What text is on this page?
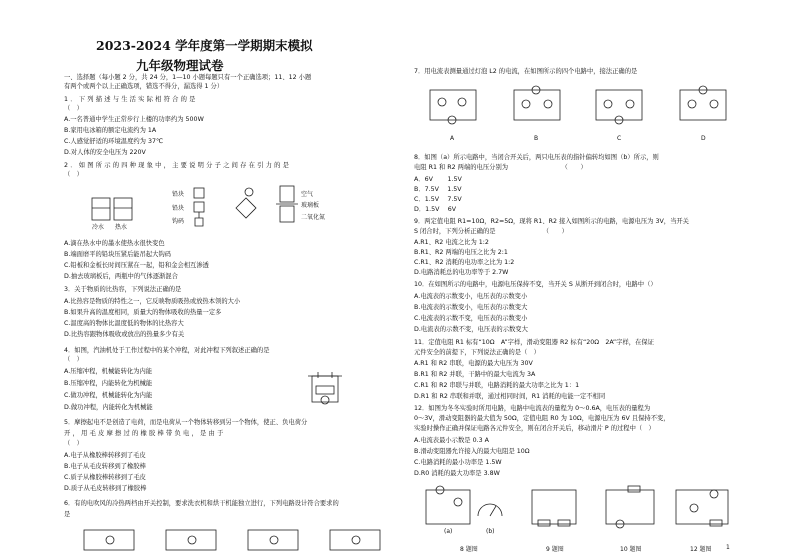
2023-2024 学年度第一学期期末模拟
九年级物理试卷
一、选择题（每小题 2 分，共 24 分，1—10 小题每题只有一个正确选项；11、12 小题
有两个或两个以上正确选项，错选不得分，漏选得 1 分）
1．下列描述与生活实际相符合的是
（　）
A.一名普通中学生正常步行上楼的功率约为 500W
B.家用电冰箱的额定电流约为 1A
C.人感觉舒适的环境温度约为 37℃
D.对人体的安全电压为 220V
2．如图所示的四种现象中，主要说明分子之间存在引力的是
（　）
冷水 热水
铅块
铅块
钩码
空气
玻璃板
二氧化氮
A.滴在热水中的墨水使热水很快变色
B.端面磨平的铅块压紧后能吊起大钩码
C.铅板和金板长时间压紧在一起，铅和金会相互渗透
D.抽去玻璃板后，两瓶中的气体逐渐混合
3．关于物质的比热容，下列说法正确的是
A.比热容是物质的特性之一，它反映物质吸热或放热本领的大小
B.如果升高的温度相同，质量大的物体吸收的热量一定多
C.温度高的物体比温度低的物体的比热容大
D.比热容跟物体吸收或放出的热量多少有关
4．如图，汽油机处于工作过程中的某个冲程，对此冲程下列叙述正确的是
（　）
A.压缩冲程，机械能转化为内能
B.压缩冲程，内能转化为机械能
C.做功冲程，机械能转化为内能
D.做功冲程，内能转化为机械能
5．摩擦起电不是创造了电荷，而是电荷从一个物体转移到另一个物体，使正、负电荷分
开，用毛皮摩擦过的橡胶棒带负电，是由于
（　）
A.电子从橡胶棒转移到了毛皮
B.电子从毛皮转移到了橡胶棒
C.质子从橡胶棒转移到了毛皮
D.质子从毛皮转移到了橡胶棒
6．有的电吹风的冷热两档由开关控制，要求洗衣机和烘干机能独立进行，下列电路设计符合要求的
是
7．用电流表测量通过灯泡 L2 的电流，在如图所示的四个电路中，接法正确的是
A	B	C	D
8．如图（a）所示电路中，当闭合开关后，两只电压表的指针偏转均如图（b）所示，则
电阻 R1 和 R2 两端的电压分别为　　　　　　　　　（　　）
A．6V　　 1.5V
B．7.5V　 1.5V
C．1.5V　 7.5V
D．1.5V　 6V
9．两定值电阻 R1=10Ω，R2=5Ω，现将 R1、R2 接入如图所示的电路，电源电压为 3V，当开关
S 闭合时，下列分析正确的是　　　　　　　　（　　）
A.R1、R2 电流之比为 1:2
B.R1、R2 两端的电压之比为 2:1
C.R1、R2 消耗的电功率之比为 1:2
D.电路消耗总的电功率等于 2.7W
10．在如图所示的电路中，电源电压保持不变，当开关 S 从断开到闭合时，电路中（）
A.电流表的示数变小，电压表的示数变小
B.电流表的示数变小，电压表的示数变大
C.电流表的示数不变，电压表的示数变小
D.电流表的示数不变，电压表的示数变大
11．定值电阻 R1 标有“10Ω　A”字样，滑动变阻器 R2 标有“20Ω　2A”字样，在保证
元件安全的前提下，下列说法正确的是（　）
A.R1 和 R2 串联，电源的最大电压为 30V
B.R1 和 R2 并联，干路中的最大电流为 3A
C.R1 和 R2 串联与并联，电路消耗的最大功率之比为 1：1
D.R1 和 R2 串联和并联，通过相同时间，R1 消耗的电能一定不相同
12．如图为冬冬实验时所用电路，电路中电流表的量程为 0～0.6A，电压表的量程为
0～3V，滑动变阻器的最大值为 50Ω，定值电阻 R0 为 10Ω，电源电压为 6V 且保持不变，
实验时操作正确并保证电路各元件安全，则在闭合开关后，移动滑片 P 的过程中（　）
A.电流表最小示数是 0.3 A
B.滑动变阻器允许接入的最大电阻是 10Ω
C.电路消耗的最小功率是 1.5W
D.R0 消耗的最大功率是 3.8W
(a)	(b)
8 题图	9 题图	10 题图	12 题图 1
